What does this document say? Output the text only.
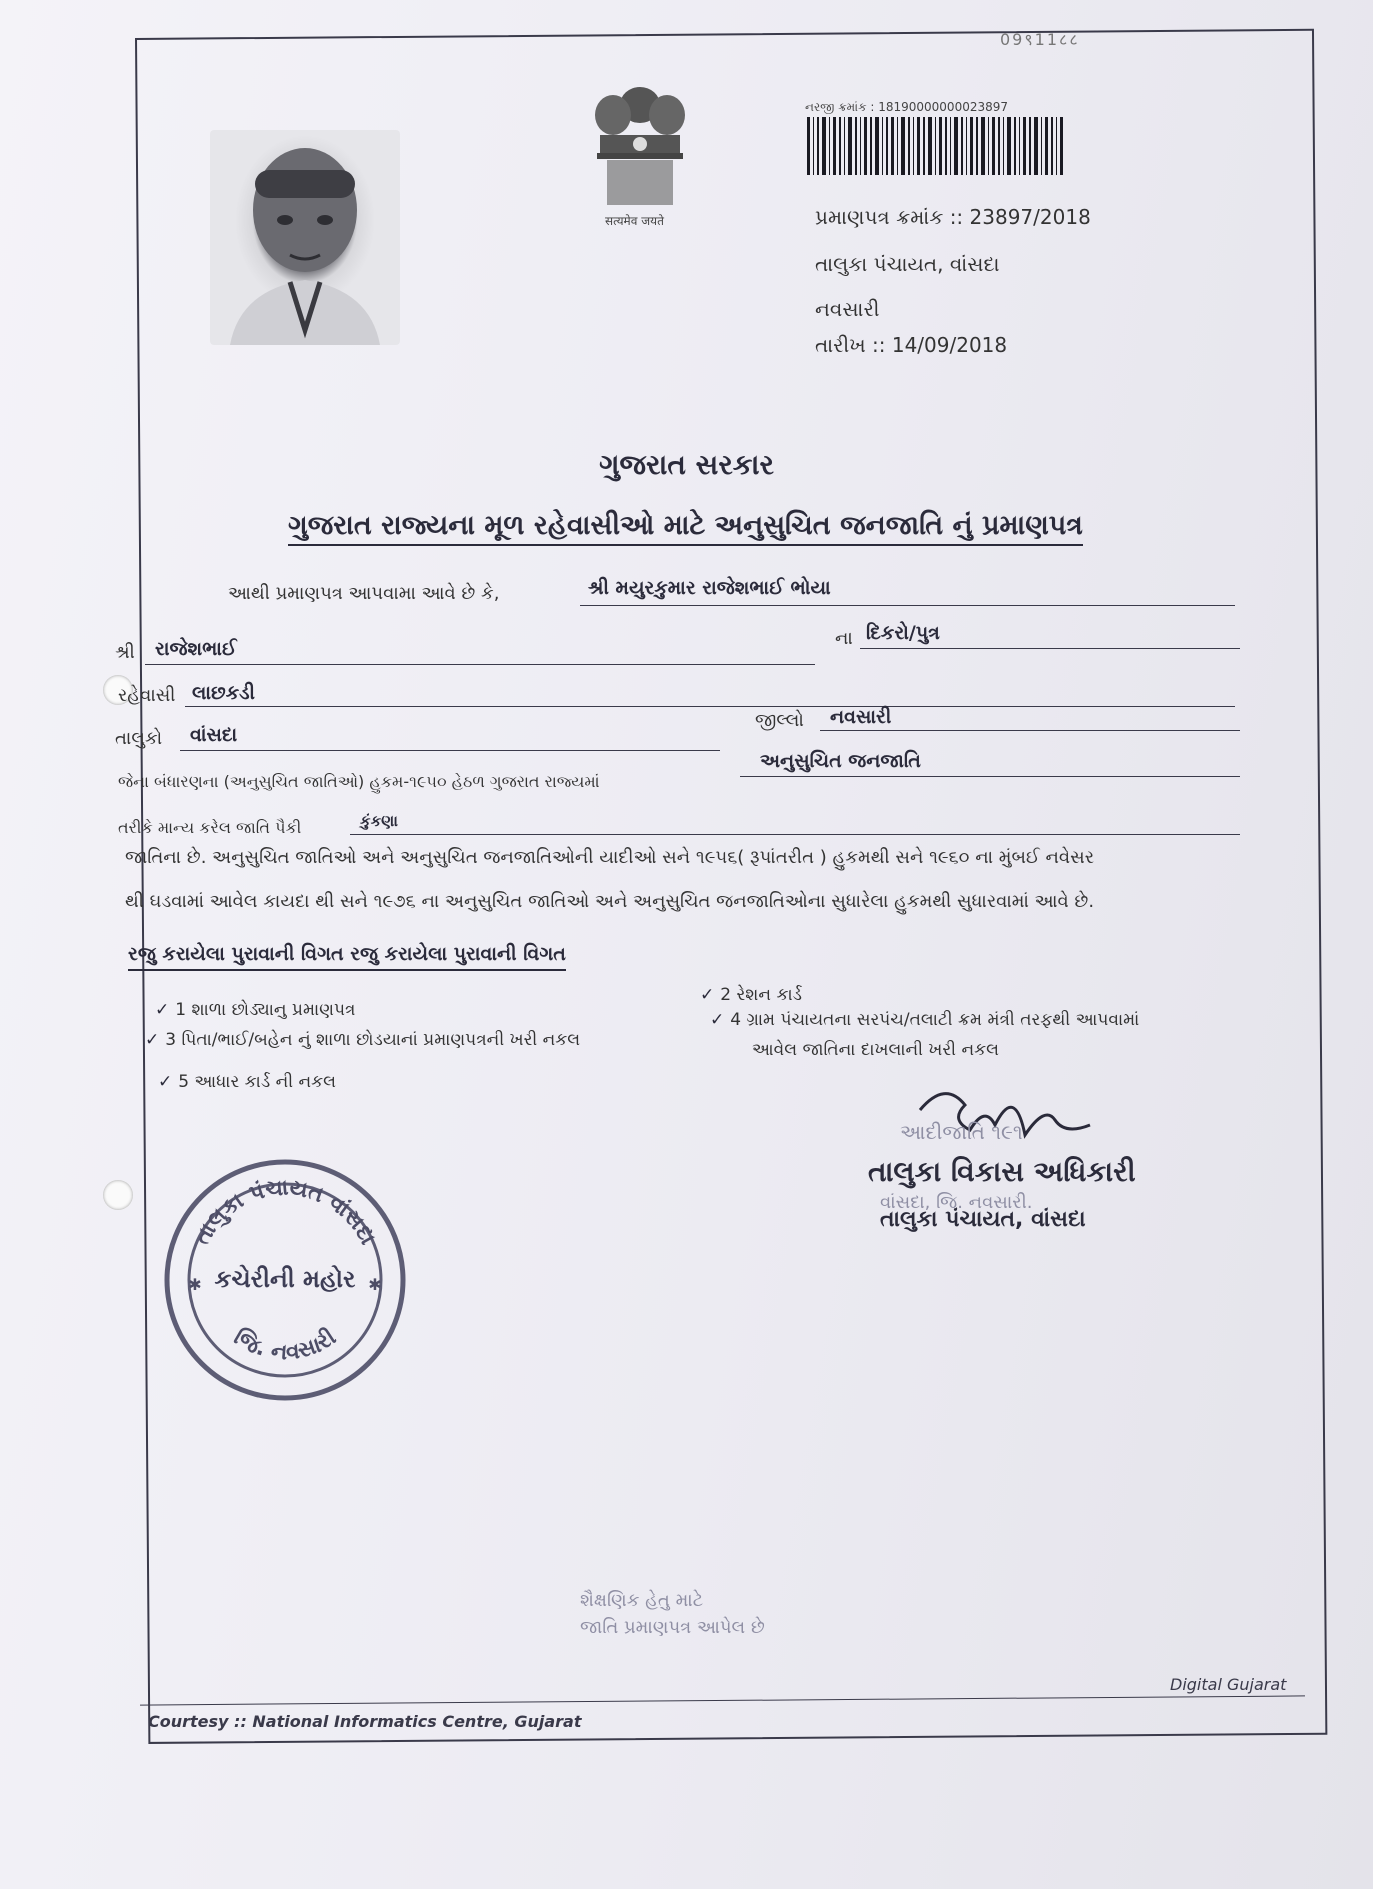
09९11८८
सत्यमेव जयते
નરજી ક્રમાંક : 18190000000023897
પ્રમાણપત્ર ક્રમાંક :: 23897/2018
તાલુકા પંચાયત, વાંસદા
નવસારી
તારીખ :: 14/09/2018
ગુજરાત સરકાર
ગુજરાત રાજ્યના મૂળ રહેવાસીઓ માટે અનુસુચિત જનજાતિ નું પ્રમાણપત્ર
આથી પ્રમાણપત્ર આપવામા આવે છે કે,	શ્રી મયુરકુમાર રાજેશભાઈ ભોયા
શ્રી રાજેશભાઈ	ના દિકરો/પુત્ર
રહેવાસી લાછકડી
તાલુકો વાંસદા
જીલ્લો નવસારી
જેના બંધારણના (અનુસુચિત જાતિઓ) હુકમ-૧૯૫૦ હેઠળ ગુજરાત રાજ્યમાં
અનુસુચિત જનજાતિ
તરીકે માન્ય કરેલ જાતિ પૈકી	કુંકણા
જાતિના છે. અનુસુચિત જાતિઓ અને અનુસુચિત જનજાતિઓની યાદીઓ સને ૧૯૫૬( રૂપાંતરીત ) હુકમથી સને ૧૯૬૦ ના મુંબઈ નવેસર
થી ઘડવામાં આવેલ કાયદા થી સને ૧૯૭૬ ના અનુસુચિત જાતિઓ અને અનુસુચિત જનજાતિઓના સુધારેલા હુકમથી સુધારવામાં આવે છે.
રજુ કરાયેલા પુરાવાની વિગત રજુ કરાયેલા પુરાવાની વિગત
✓ 1 શાળા છોડ્યાનુ પ્રમાણપત્ર
✓ 2 રેશન કાર્ડ
✓ 3 પિતા/ભાઈ/બહેન નું શાળા છોડયાનાં પ્રમાણપત્રની ખરી નકલ
✓ 4 ગ્રામ પંચાયતના સરપંચ/તલાટી ક્રમ મંત્રી તરફથી આપવામાં
આવેલ જાતિના દાખલાની ખરી નકલ
✓ 5 આધાર કાર્ડ ની નકલ
તાલુકા પંચાયત વાંસદા
જિ. નવસારી
કચેરીની મહોર
✱	✱
આદીજાતિ ૧૯૧
તાલુકા વિકાસ અધિકારી
વાંસદા, જિ. નવસારી.
તાલુકા પંચાયત, વાંસદા
શૈક્ષણિક હેતુ માટે
જાતિ પ્રમાણપત્ર આપેલ છે
Digital Gujarat
Courtesy :: National Informatics Centre, Gujarat
